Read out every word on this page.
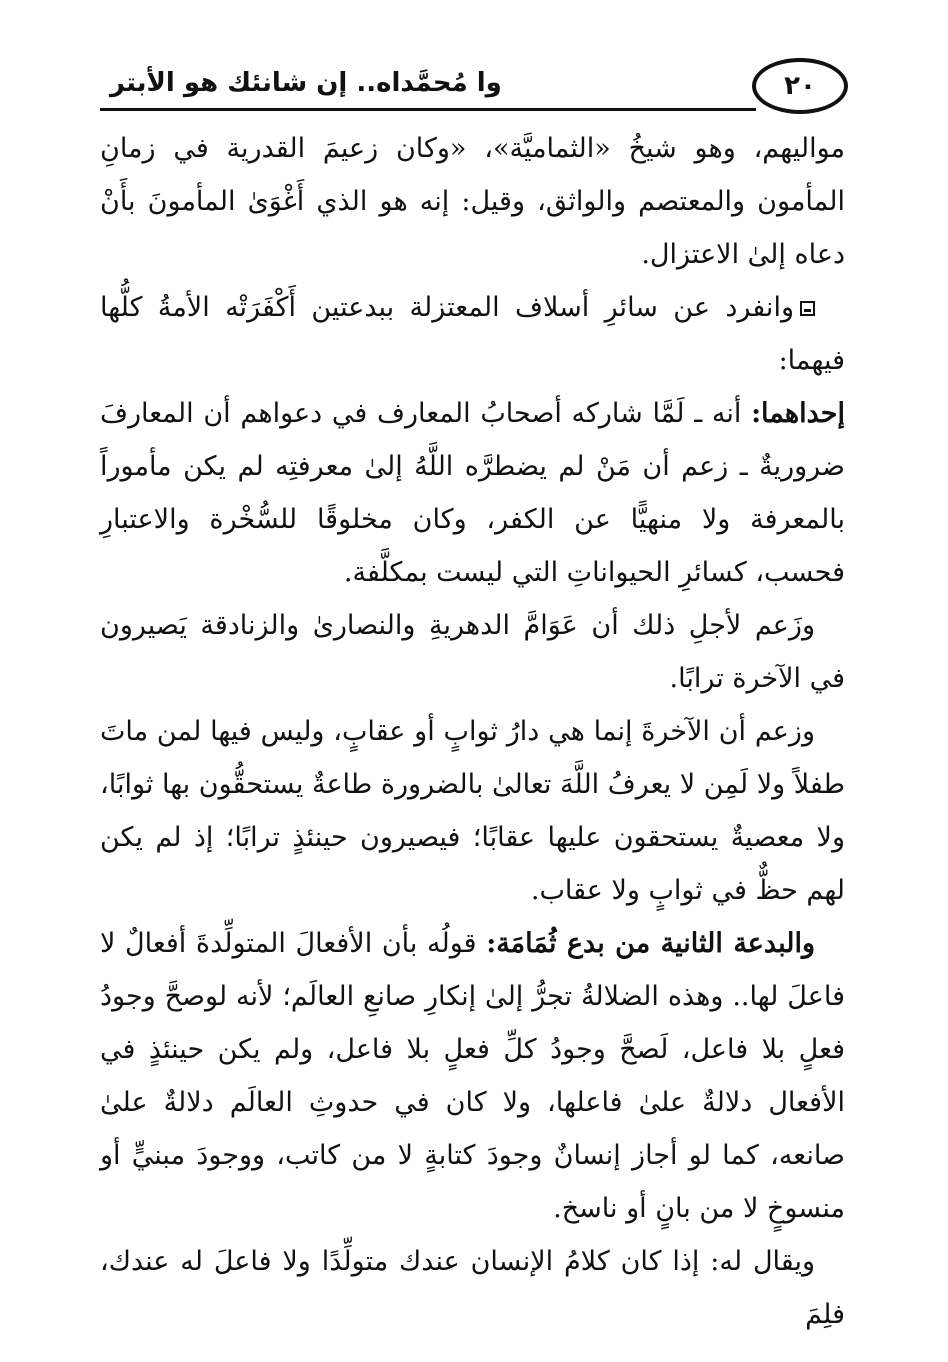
وا مُحمَّداه.. إن شانئك هو الأبتر	٢٠

مواليهم، وهو شيخُ «الثماميَّة»، «وكان زعيمَ القدرية في زمانِ المأمون والمعتصم والواثق، وقيل: إنه هو الذي أَغْوَىٰ المأمونَ بأَنْ دعاه إلىٰ الاعتزال.

وانفرد عن سائرِ أسلاف المعتزلة ببدعتين أَكْفَرَتْه الأمةُ كلُّها فيهما:

إحداهما: أنه ـ لَمَّا شاركه أصحابُ المعارف في دعواهم أن المعارفَ ضروريةٌ ـ زعم أن مَنْ لم يضطرَّه اللَّهُ إلىٰ معرفتِه لم يكن مأموراً بالمعرفة ولا منهيًّا عن الكفر، وكان مخلوقًا للسُّخْرة والاعتبارِ فحسب، كسائرِ الحيواناتِ التي ليست بمكلَّفة.

وزَعم لأجلِ ذلك أن عَوَامَّ الدهريةِ والنصارىٰ والزنادقة يَصيرون في الآخرة ترابًا.

وزعم أن الآخرةَ إنما هي دارُ ثوابٍ أو عقابٍ، وليس فيها لمن ماتَ طفلاً ولا لَمِن لا يعرفُ اللَّهَ تعالىٰ بالضرورة طاعةٌ يستحقُّون بها ثوابًا، ولا معصيةٌ يستحقون عليها عقابًا؛ فيصيرون حينئذٍ ترابًا؛ إذ لم يكن لهم حظٌّ في ثوابٍ ولا عقاب.

والبدعة الثانية من بدع ثُمَامَة: قولُه بأن الأفعالَ المتولِّدةَ أفعالٌ لا فاعلَ لها.. وهذه الضلالةُ تجرُّ إلىٰ إنكارِ صانعِ العالَم؛ لأنه لوصحَّ وجودُ فعلٍ بلا فاعل، لَصحَّ وجودُ كلِّ فعلٍ بلا فاعل، ولم يكن حينئذٍ في الأفعال دلالةٌ علىٰ فاعلها، ولا كان في حدوثِ العالَم دلالةٌ علىٰ صانعه، كما لو أجاز إنسانٌ وجودَ كتابةٍ لا من كاتب، ووجودَ مبنيٍّ أو منسوخٍ لا من بانٍ أو ناسخ.

ويقال له: إذا كان كلامُ الإنسان عندك متولِّدًا ولا فاعلَ له عندك، فلِمَ
